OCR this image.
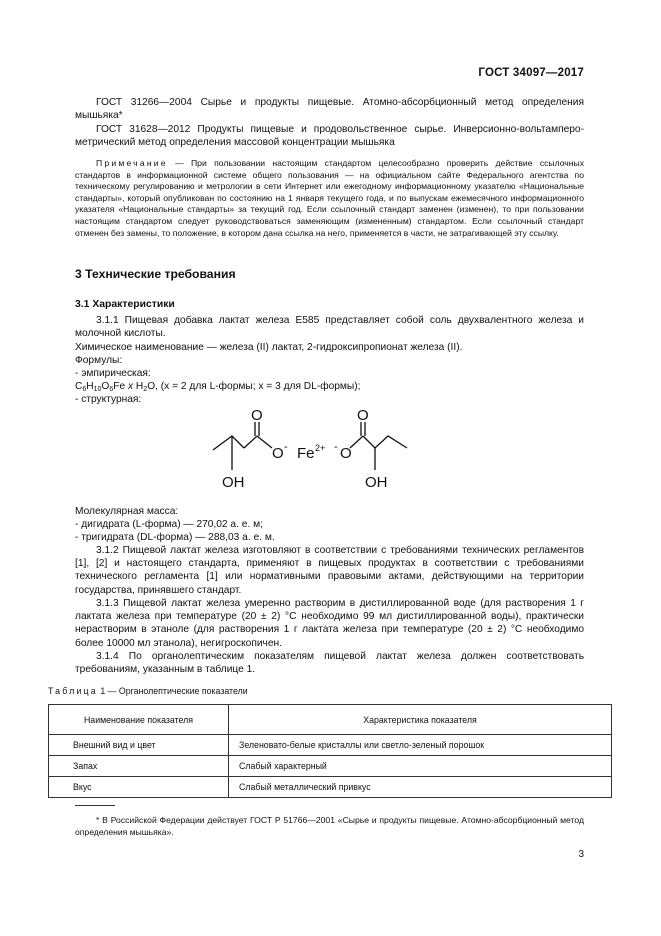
ГОСТ 34097—2017

ГОСТ 31266—2004 Сырье и продукты пищевые. Атомно-абсорбционный метод определения мышьяка*

ГОСТ 31628—2012 Продукты пищевые и продовольственное сырье. Инверсионно-вольтамперо-метрический метод определения массовой концентрации мышьяка

Примечание — При пользовании настоящим стандартом целесообразно проверить действие ссылочных стандартов в информационной системе общего пользования — на официальном сайте Федерального агентства по техническому регулированию и метрологии в сети Интернет или ежегодному информационному указателю «Национальные стандарты», который опубликован по состоянию на 1 января текущего года, и по выпускам ежемесячного информационного указателя «Национальные стандарты» за текущий год. Если ссылочный стандарт заменен (изменен), то при пользовании настоящим стандартом следует руководствоваться заменяющим (измененным) стандартом. Если ссылочный стандарт отменен без замены, то положение, в котором дана ссылка на него, применяется в части, не затрагивающей эту ссылку.

3 Технические требования
3.1 Характеристики

3.1.1 Пищевая добавка лактат железа Е585 представляет собой соль двухвалентного железа и молочной кислоты.

Химическое наименование — железа (II) лактат, 2-гидроксипропионат железа (II).

Формулы:

- эмпирическая:

$C_6H_{10}O_6Fe$ x $H_2O$, (x = 2 для L-формы; x = 3 для DL-формы);

- структурная:

O	O
O - Fe 2+ - O
OH	OH

Молекулярная масса:

- дигидрата (L-форма) — 270,02 а. е. м;

- тригидрата (DL-форма) — 288,03 а. е. м.

3.1.2 Пищевой лактат железа изготовляют в соответствии с требованиями технических регламентов [1], [2] и настоящего стандарта, применяют в пищевых продуктах в соответствии с требованиями технического регламента [1] или нормативными правовыми актами, действующими на территории государства, принявшего стандарт.

3.1.3 Пищевой лактат железа умеренно растворим в дистиллированной воде (для растворения 1 г лактата железа при температуре (20 ± 2) °С необходимо 99 мл дистиллированной воды), практически нерастворим в этаноле (для растворения 1 г лактата железа при температуре (20 ± 2) °С необходимо более 10000 мл этанола), негигроскопичен.

3.1.4 По органолептическим показателям пищевой лактат железа должен соответствовать требованиям, указанным в таблице 1.

Таблица 1 — Органолептические показатели
Наименование показателя	Характеристика показателя
Внешний вид и цвет	Зеленовато-белые кристаллы или светло-зеленый порошок
Запах	Слабый характерный
Вкус	Слабый металлический привкус

* В Российской Федерации действует ГОСТ Р 51766—2001 «Сырье и продукты пищевые. Атомно-абсорбционный метод определения мышьяка».

3
